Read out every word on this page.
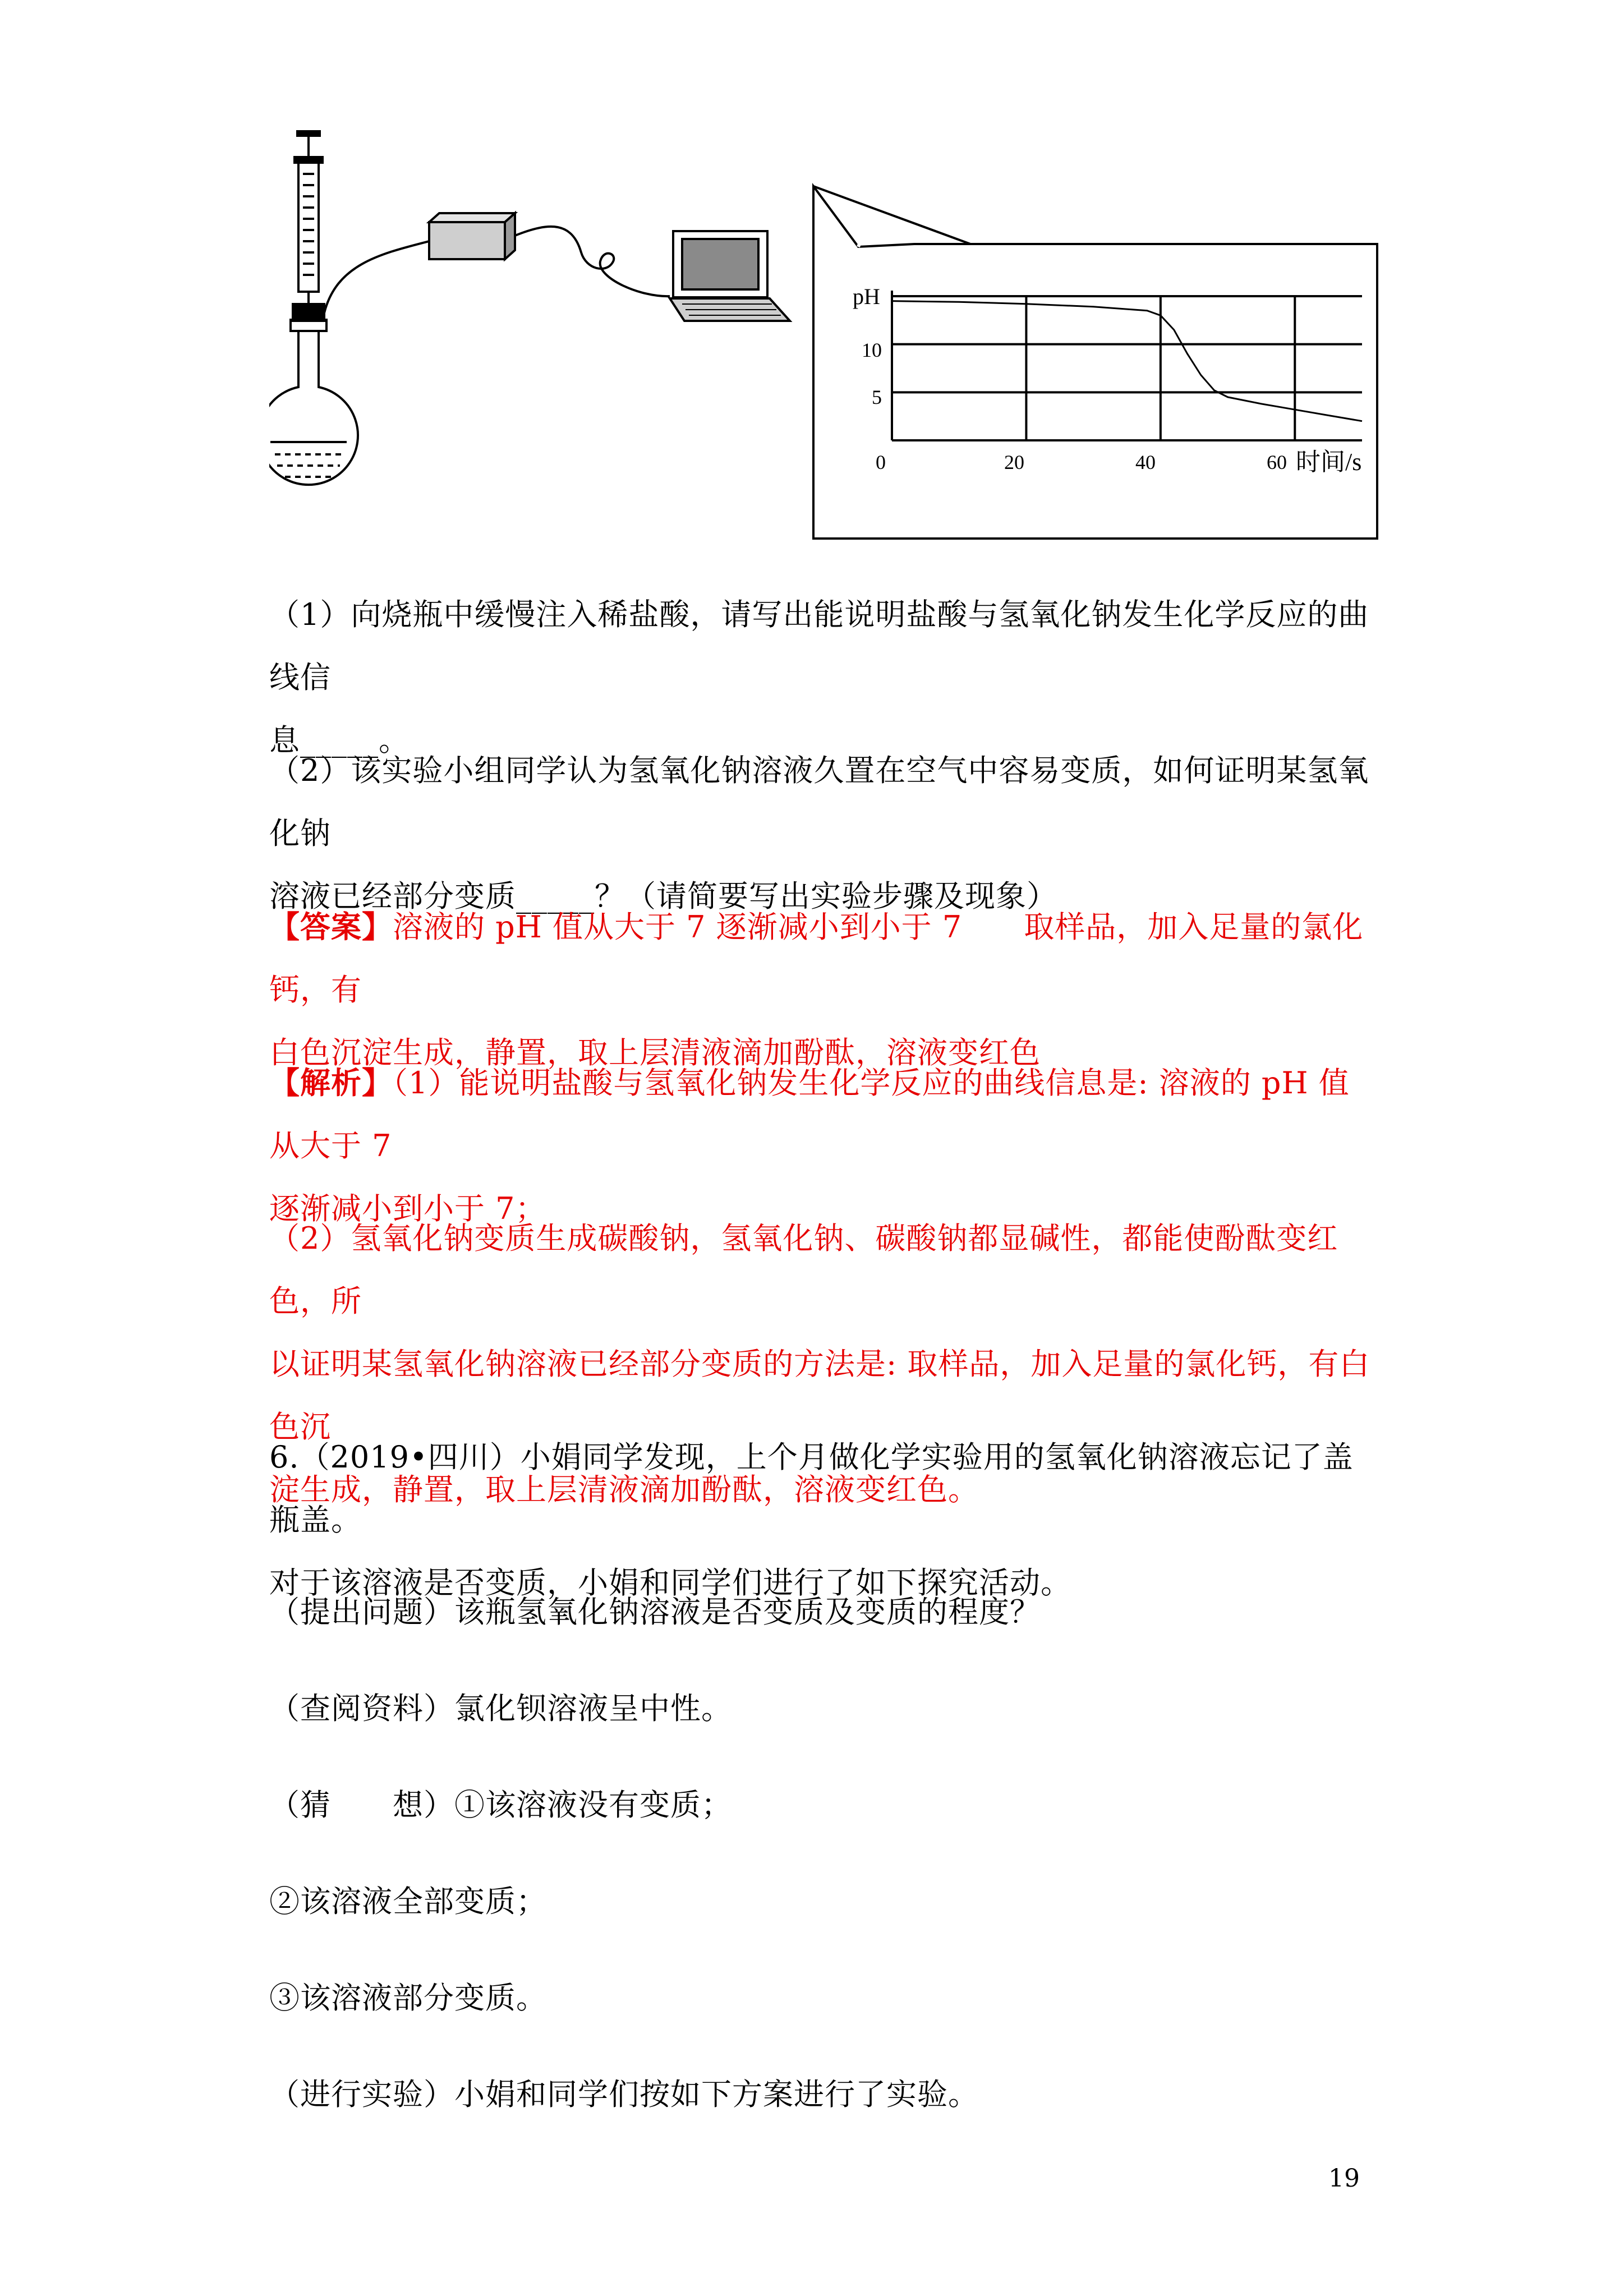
pH
时间/s
0	20	40	60
10
5
（1）向烧瓶中缓慢注入稀盐酸，请写出能说明盐酸与氢氧化钠发生化学反应的曲线信
息_____。
（2）该实验小组同学认为氢氧化钠溶液久置在空气中容易变质，如何证明某氢氧化钠
溶液已经部分变质_____？（请简要写出实验步骤及现象）
【答案】溶液的 pH 值从大于 7 逐渐减小到小于 7　　取样品，加入足量的氯化钙，有
白色沉淀生成，静置，取上层清液滴加酚酞，溶液变红色
【解析】（1）能说明盐酸与氢氧化钠发生化学反应的曲线信息是: 溶液的 pH 值从大于 7
逐渐减小到小于 7；
（2）氢氧化钠变质生成碳酸钠，氢氧化钠、碳酸钠都显碱性，都能使酚酞变红色，所
以证明某氢氧化钠溶液已经部分变质的方法是: 取样品，加入足量的氯化钙，有白色沉
淀生成，静置，取上层清液滴加酚酞，溶液变红色。
6.（2019•四川）小娟同学发现，上个月做化学实验用的氢氧化钠溶液忘记了盖瓶盖。
对于该溶液是否变质，小娟和同学们进行了如下探究活动。
（提出问题）该瓶氢氧化钠溶液是否变质及变质的程度？
（查阅资料）氯化钡溶液呈中性。
（猜　　想）①该溶液没有变质；
②该溶液全部变质；
③该溶液部分变质。
（进行实验）小娟和同学们按如下方案进行了实验。
19
